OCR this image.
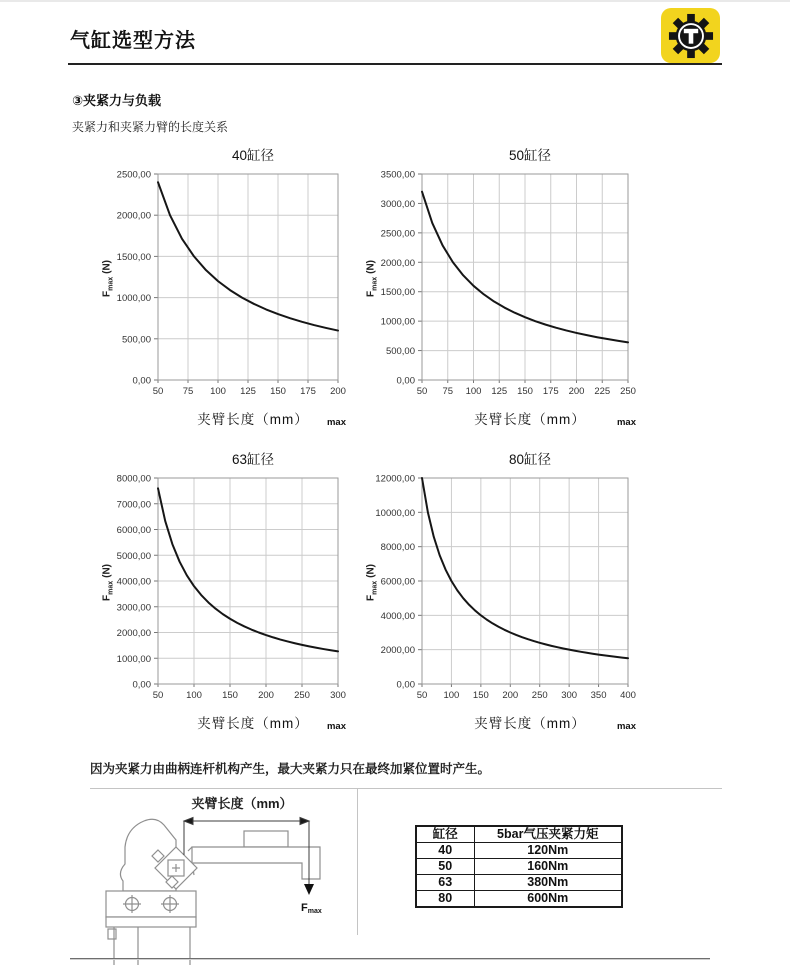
气缸选型方法
③夹紧力与负载
夹紧力和夹紧力臂的长度关系
40缸径
$F_{max}(N)$
50 75 100 125 150 175 200
0,00
500,00
1000,00
1500,00
2000,00
2500,00
夹臂长度（mm） max
50缸径
$F_{max}(N)$
50 75 100 125 150 175 200 225 250
0,00
500,00
1000,00
1500,00
2000,00
2500,00
3000,00
3500,00
夹臂长度（mm）	max
63缸径
$F_{max}(N)$
50 100 150 200 250 300
0,00
1000,00
2000,00
3000,00
4000,00
5000,00
6000,00
7000,00
8000,00
夹臂长度（mm） max
80缸径
$F_{max}(N)$
50 100 150 200 250 300 350 400
0,00
2000,00
4000,00
6000,00
8000,00
10000,00
12000,00
夹臂长度（mm）	max
因为夹紧力由曲柄连杆机构产生，最大夹紧力只在最终加紧位置时产生。
夹臂长度（mm）
Fmax
缸径	5bar气压夹紧力矩
40	120Nm
50	160Nm
63	380Nm
80	600Nm
